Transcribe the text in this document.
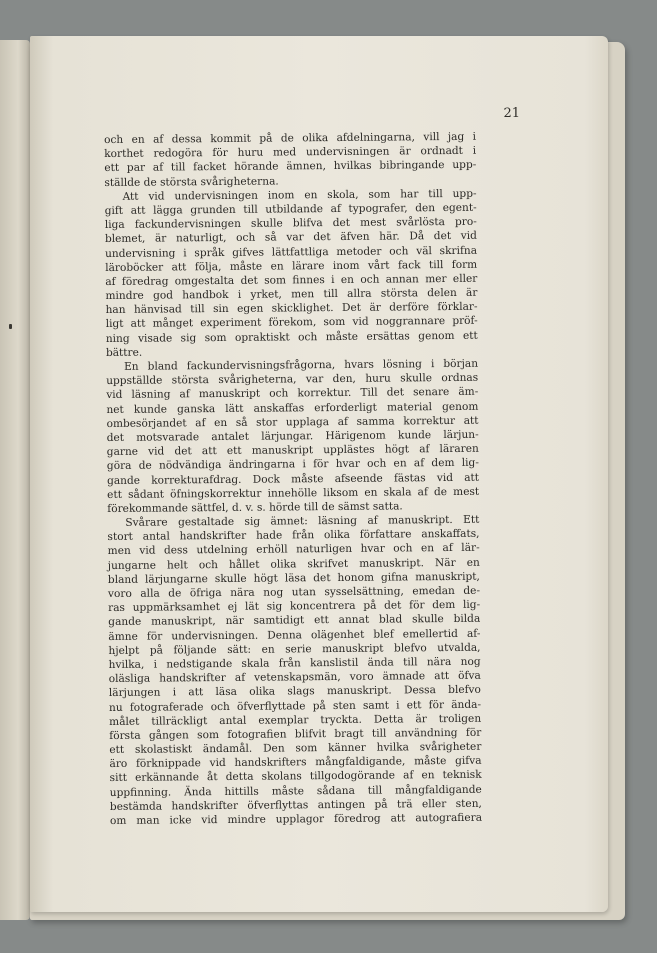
21
och en af dessa kommit på de olika afdelningarna, vill jag i
korthet redogöra för huru med undervisningen är ordnadt i
ett par af till facket hörande ämnen, hvilkas bibringande upp-
ställde de största svårigheterna.
Att vid undervisningen inom en skola, som har till upp-
gift att lägga grunden till utbildande af typografer, den egent-
liga fackundervisningen skulle blifva det mest svårlösta pro-
blemet, är naturligt, och så var det äfven här. Då det vid
undervisning i språk gifves lättfattliga metoder och väl skrifna
läroböcker att följa, måste en lärare inom vårt fack till form
af föredrag omgestalta det som finnes i en och annan mer eller
mindre god handbok i yrket, men till allra största delen är
han hänvisad till sin egen skicklighet. Det är derföre förklar-
ligt att månget experiment förekom, som vid noggrannare pröf-
ning visade sig som opraktiskt och måste ersättas genom ett
bättre.
En bland fackundervisningsfrågorna, hvars lösning i början
uppställde största svårigheterna, var den, huru skulle ordnas
vid läsning af manuskript och korrektur. Till det senare äm-
net kunde ganska lätt anskaffas erforderligt material genom
ombesörjandet af en så stor upplaga af samma korrektur att
det motsvarade antalet lärjungar. Härigenom kunde lärjun-
garne vid det att ett manuskript upplästes högt af läraren
göra de nödvändiga ändringarna i för hvar och en af dem lig-
gande korrekturafdrag. Dock måste afseende fästas vid att
ett sådant öfningskorrektur innehölle liksom en skala af de mest
förekommande sättfel, d. v. s. hörde till de sämst satta.
Svårare gestaltade sig ämnet: läsning af manuskript. Ett
stort antal handskrifter hade från olika författare anskaffats,
men vid dess utdelning erhöll naturligen hvar och en af lär-
jungarne helt och hållet olika skrifvet manuskript. När en
bland lärjungarne skulle högt läsa det honom gifna manuskript,
voro alla de öfriga nära nog utan sysselsättning, emedan de-
ras uppmärksamhet ej lät sig koncentrera på det för dem lig-
gande manuskript, när samtidigt ett annat blad skulle bilda
ämne för undervisningen. Denna olägenhet blef emellertid af-
hjelpt på följande sätt: en serie manuskript blefvo utvalda,
hvilka, i nedstigande skala från kanslistil ända till nära nog
oläsliga handskrifter af vetenskapsmän, voro ämnade att öfva
lärjungen i att läsa olika slags manuskript. Dessa blefvo
nu fotograferade och öfverflyttade på sten samt i ett för ända-
målet tillräckligt antal exemplar tryckta. Detta är troligen
första gången som fotografien blifvit bragt till användning för
ett skolastiskt ändamål. Den som känner hvilka svårigheter
äro förknippade vid handskrifters mångfaldigande, måste gifva
sitt erkännande åt detta skolans tillgodogörande af en teknisk
uppfinning. Ända hittills måste sådana till mångfaldigande
bestämda handskrifter öfverflyttas antingen på trä eller sten,
om man icke vid mindre upplagor föredrog att autografiera
